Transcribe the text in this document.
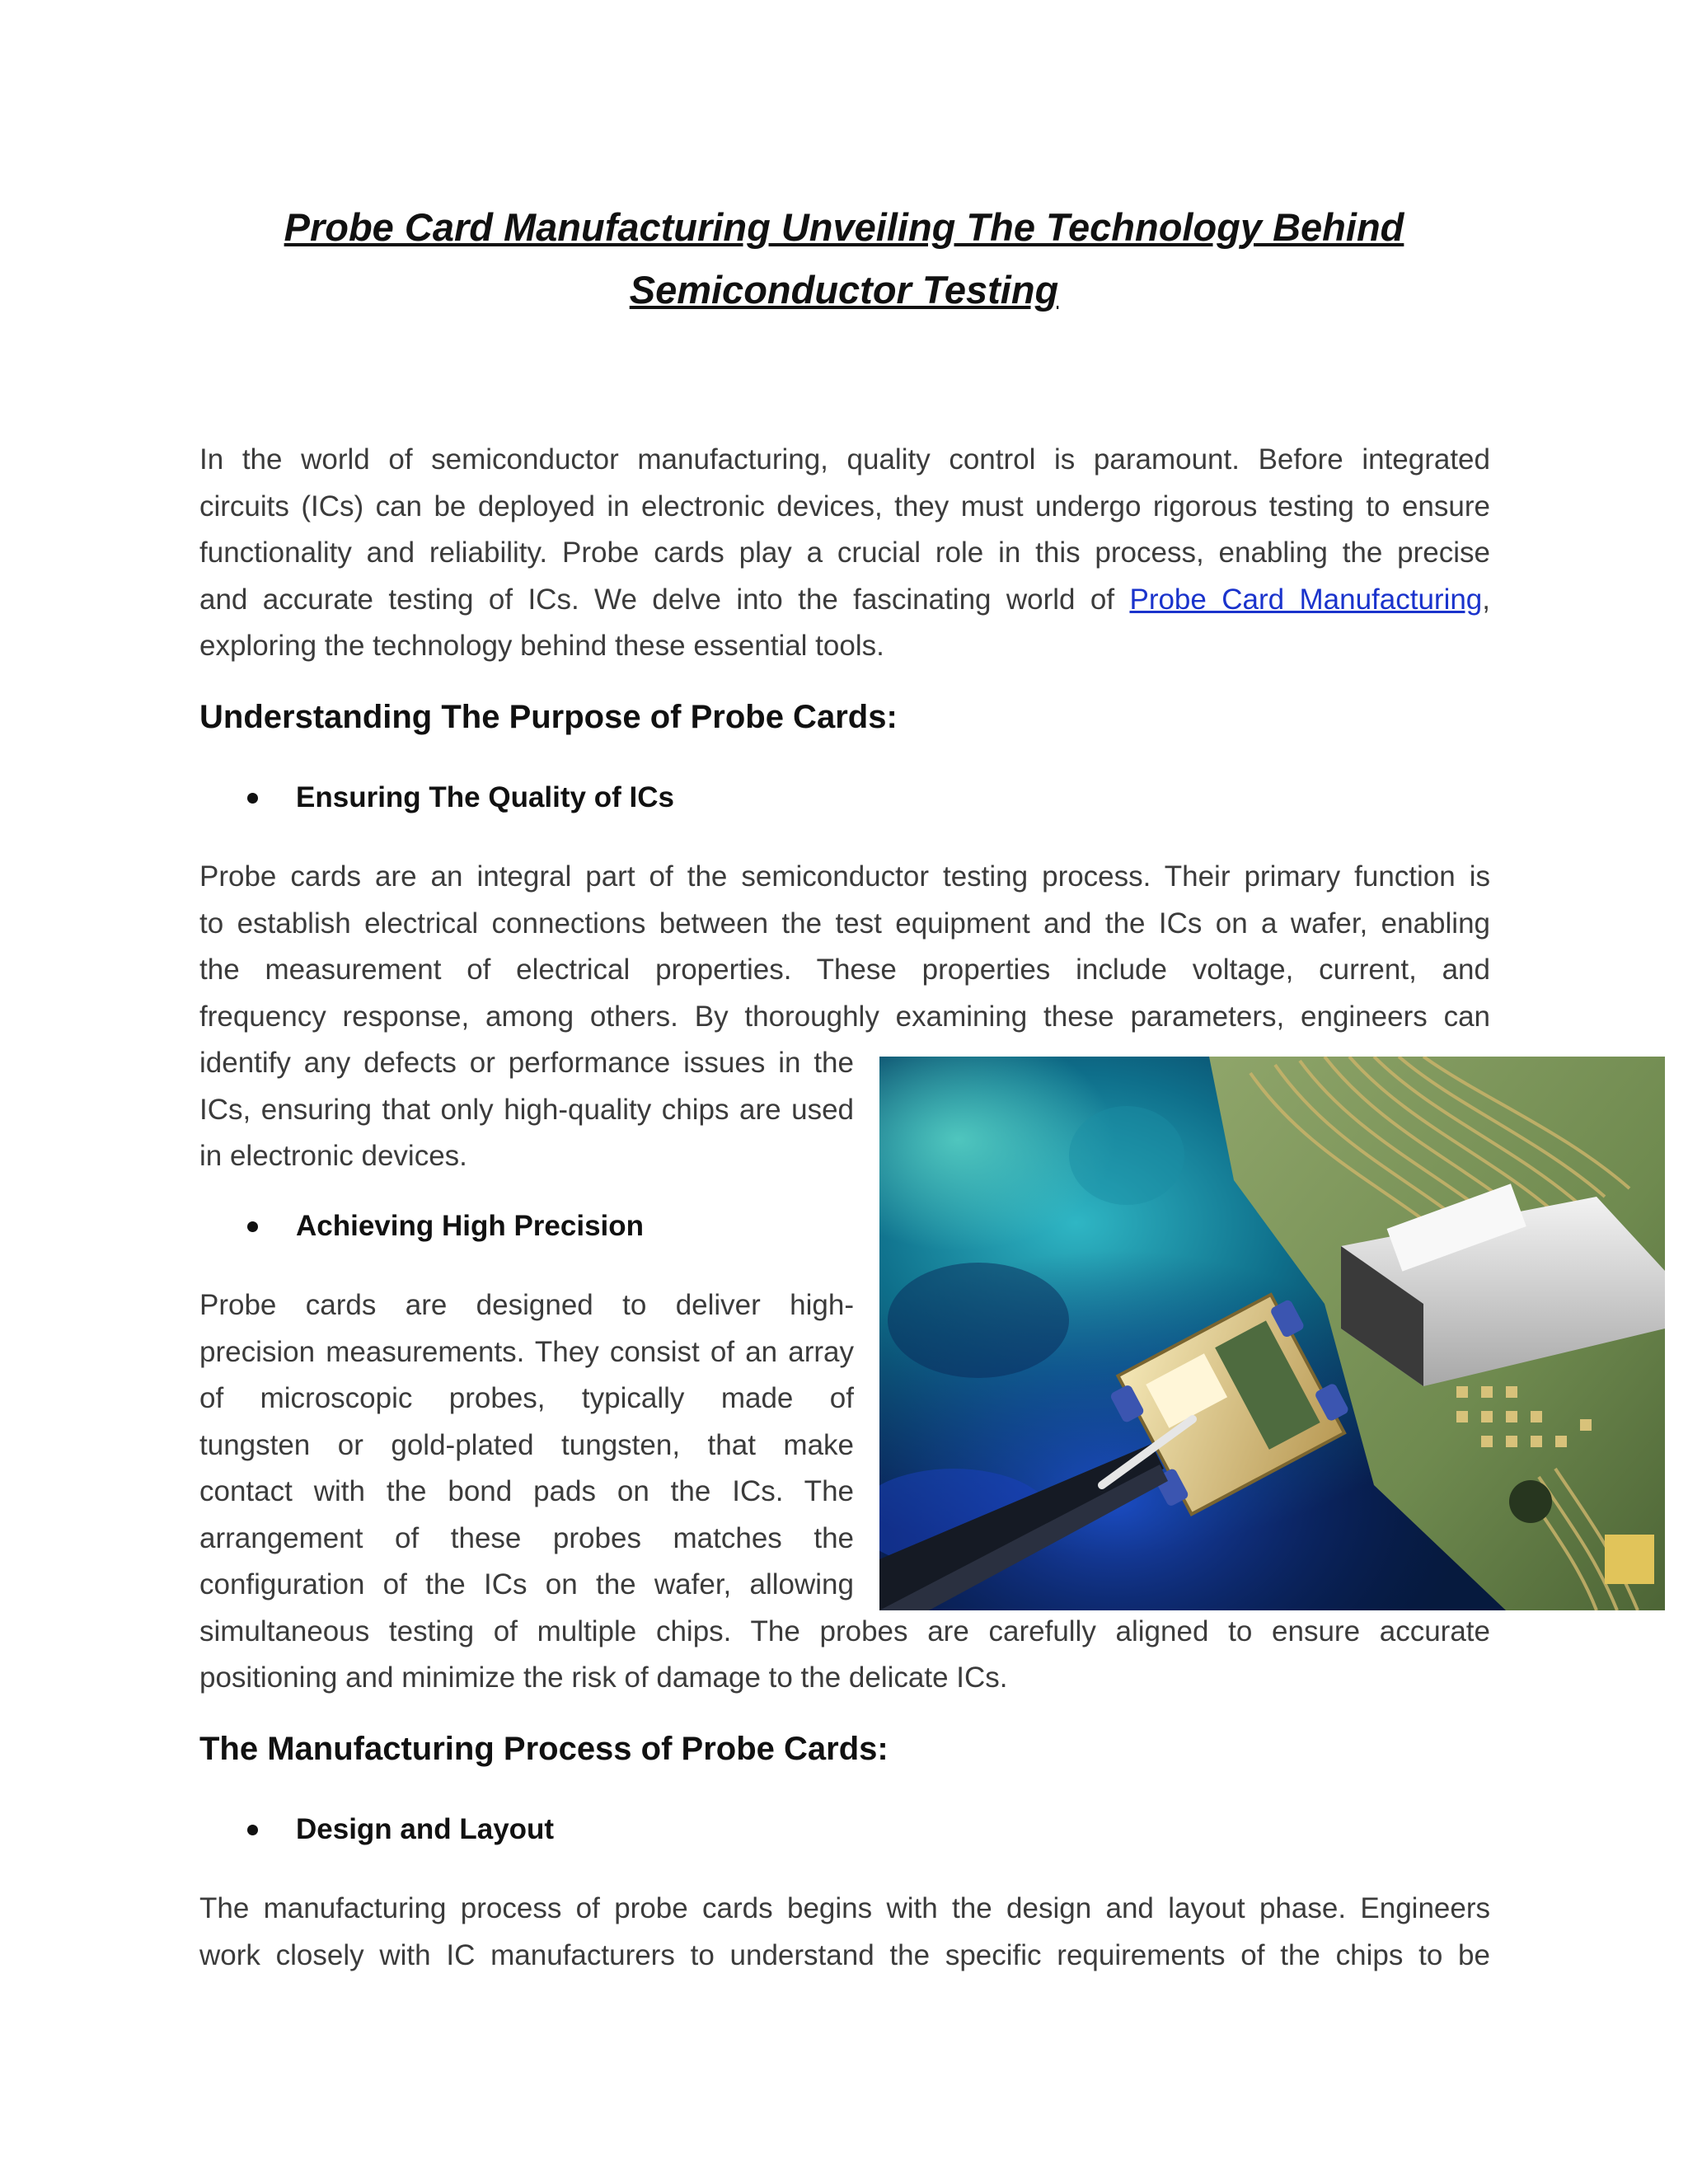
Probe Card Manufacturing Unveiling The Technology Behind
Semiconductor Testing

In the world of semiconductor manufacturing, quality control is paramount. Before integrated
circuits (ICs) can be deployed in electronic devices, they must undergo rigorous testing to ensure
functionality and reliability. Probe cards play a crucial role in this process, enabling the precise
and accurate testing of ICs. We delve into the fascinating world of Probe Card Manufacturing,
exploring the technology behind these essential tools.

Understanding The Purpose of Probe Cards:
Ensuring The Quality of ICs

Probe cards are an integral part of the semiconductor testing process. Their primary function is
to establish electrical connections between the test equipment and the ICs on a wafer, enabling
the measurement of electrical properties. These properties include voltage, current, and
frequency response, among others. By thoroughly examining these parameters, engineers can
identify any defects or performance issues in the
ICs, ensuring that only high-quality chips are used
in electronic devices.

Achieving High Precision

Probe cards are designed to deliver high-
precision measurements. They consist of an array
of microscopic probes, typically made of
tungsten or gold-plated tungsten, that make
contact with the bond pads on the ICs. The
arrangement of these probes matches the
configuration of the ICs on the wafer, allowing
simultaneous testing of multiple chips. The probes are carefully aligned to ensure accurate
positioning and minimize the risk of damage to the delicate ICs.

The Manufacturing Process of Probe Cards:
Design and Layout

The manufacturing process of probe cards begins with the design and layout phase. Engineers
work closely with IC manufacturers to understand the specific requirements of the chips to be
